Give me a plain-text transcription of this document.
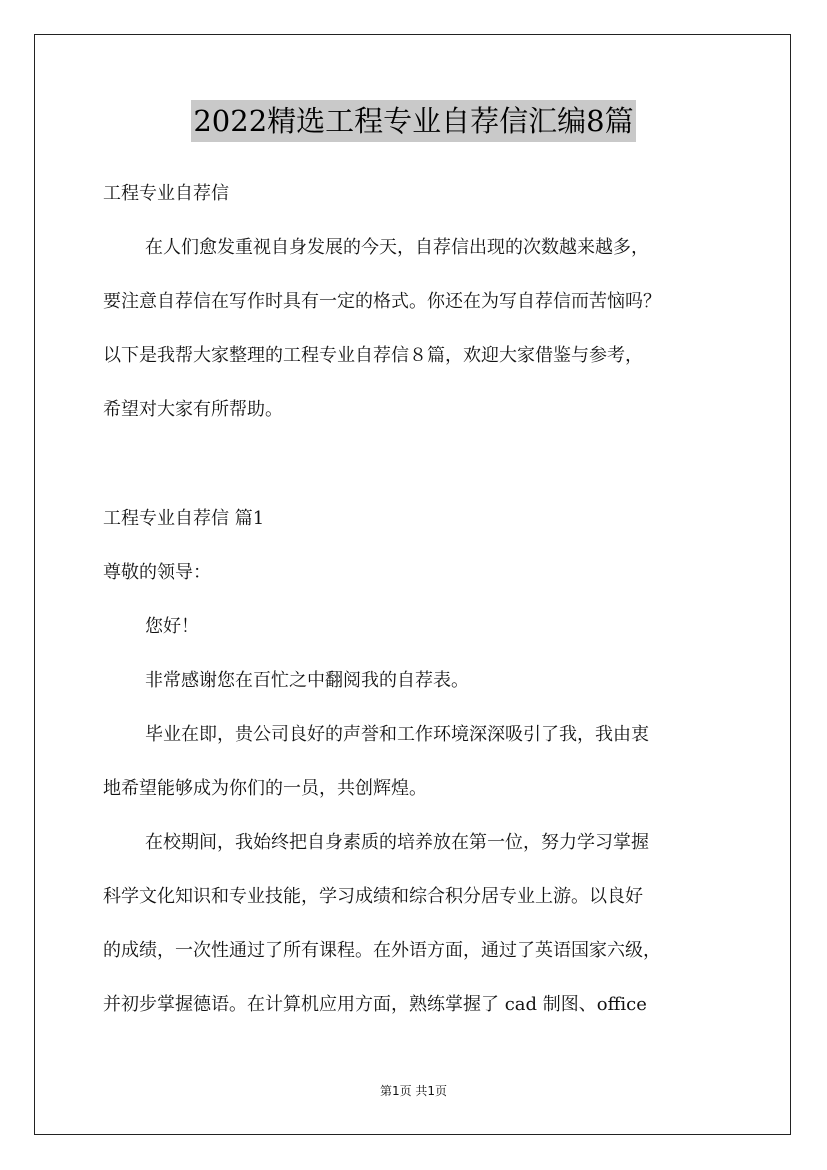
2022精选工程专业自荐信汇编8篇
工程专业自荐信
在人们愈发重视自身发展的今天，自荐信出现的次数越来越多，
要注意自荐信在写作时具有一定的格式。你还在为写自荐信而苦恼吗？
以下是我帮大家整理的工程专业自荐信８篇，欢迎大家借鉴与参考，
希望对大家有所帮助。
工程专业自荐信 篇1
尊敬的领导：
您好！
非常感谢您在百忙之中翻阅我的自荐表。
毕业在即，贵公司良好的声誉和工作环境深深吸引了我，我由衷
地希望能够成为你们的一员，共创辉煌。
在校期间，我始终把自身素质的培养放在第一位，努力学习掌握
科学文化知识和专业技能，学习成绩和综合积分居专业上游。以良好
的成绩，一次性通过了所有课程。在外语方面，通过了英语国家六级，
并初步掌握德语。在计算机应用方面，熟练掌握了 cad 制图、office
第1页 共1页
